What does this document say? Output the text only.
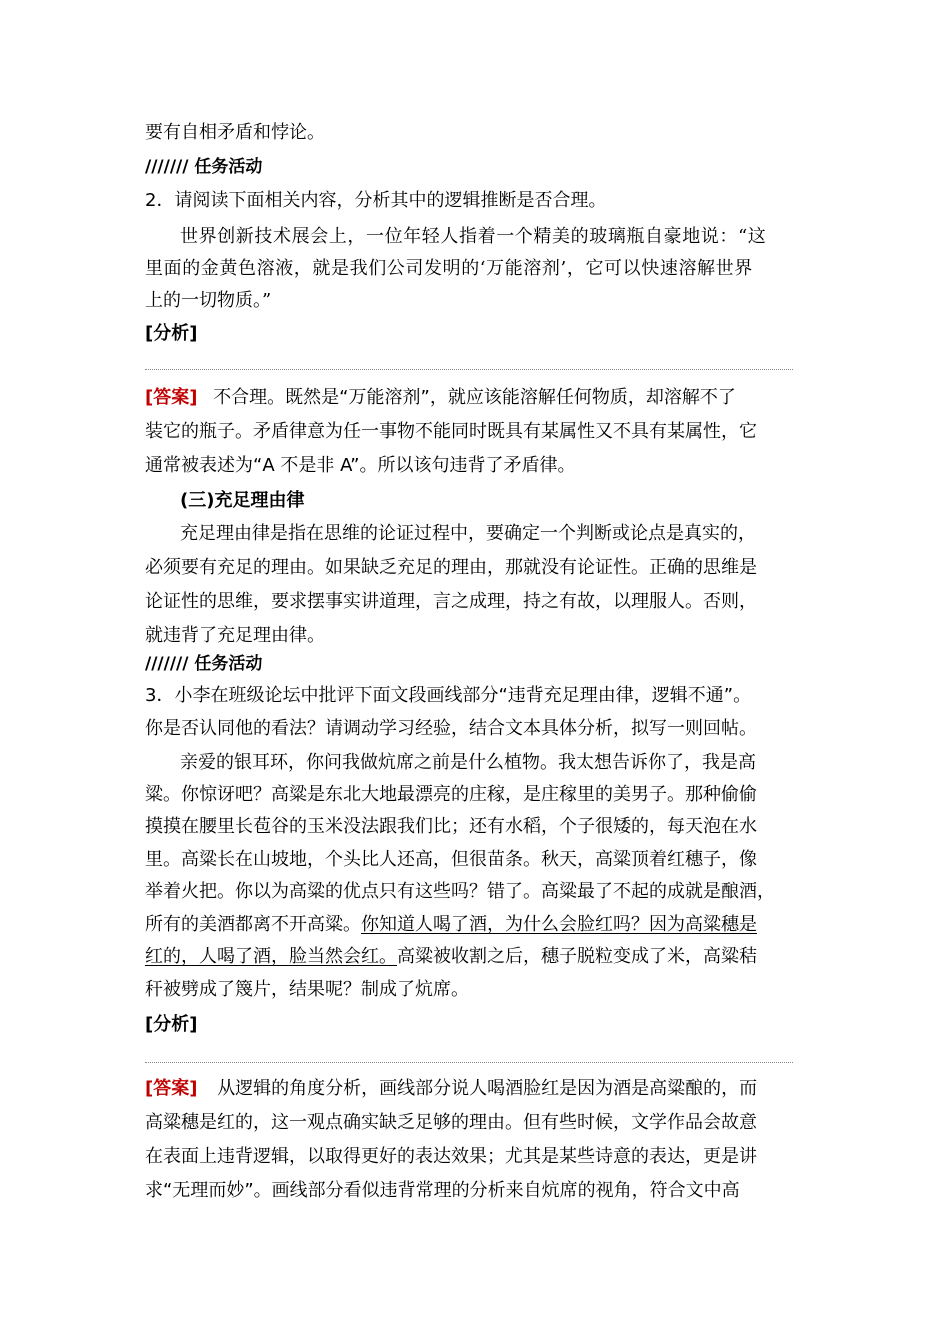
要有自相矛盾和悖论。
/////// 任务活动
2．请阅读下面相关内容，分析其中的逻辑推断是否合理。
世界创新技术展会上，一位年轻人指着一个精美的玻璃瓶自豪地说：“这
里面的金黄色溶液，就是我们公司发明的‘万能溶剂’，它可以快速溶解世界
上的一切物质。”
[分析]
[答案] 不合理。既然是“万能溶剂”，就应该能溶解任何物质，却溶解不了
装它的瓶子。矛盾律意为任一事物不能同时既具有某属性又不具有某属性，它
通常被表述为“A 不是非 A”。所以该句违背了矛盾律。
(三)充足理由律
充足理由律是指在思维的论证过程中，要确定一个判断或论点是真实的，
必须要有充足的理由。如果缺乏充足的理由，那就没有论证性。正确的思维是
论证性的思维，要求摆事实讲道理，言之成理，持之有故，以理服人。否则，
就违背了充足理由律。
/////// 任务活动
3．小李在班级论坛中批评下面文段画线部分“违背充足理由律，逻辑不通”。
你是否认同他的看法？请调动学习经验，结合文本具体分析，拟写一则回帖。
亲爱的银耳环，你问我做炕席之前是什么植物。我太想告诉你了，我是高
粱。你惊讶吧？高粱是东北大地最漂亮的庄稼，是庄稼里的美男子。那种偷偷
摸摸在腰里长苞谷的玉米没法跟我们比；还有水稻，个子很矮的，每天泡在水
里。高粱长在山坡地，个头比人还高，但很苗条。秋天，高粱顶着红穗子，像
举着火把。你以为高粱的优点只有这些吗？错了。高粱最了不起的成就是酿酒，
所有的美酒都离不开高粱。你知道人喝了酒，为什么会脸红吗？因为高粱穗是
红的，人喝了酒，脸当然会红。高粱被收割之后，穗子脱粒变成了米，高粱秸
秆被劈成了篾片，结果呢？制成了炕席。
[分析]
[答案] 从逻辑的角度分析，画线部分说人喝酒脸红是因为酒是高粱酿的，而
高粱穗是红的，这一观点确实缺乏足够的理由。但有些时候，文学作品会故意
在表面上违背逻辑，以取得更好的表达效果；尤其是某些诗意的表达，更是讲
求“无理而妙”。画线部分看似违背常理的分析来自炕席的视角，符合文中高
